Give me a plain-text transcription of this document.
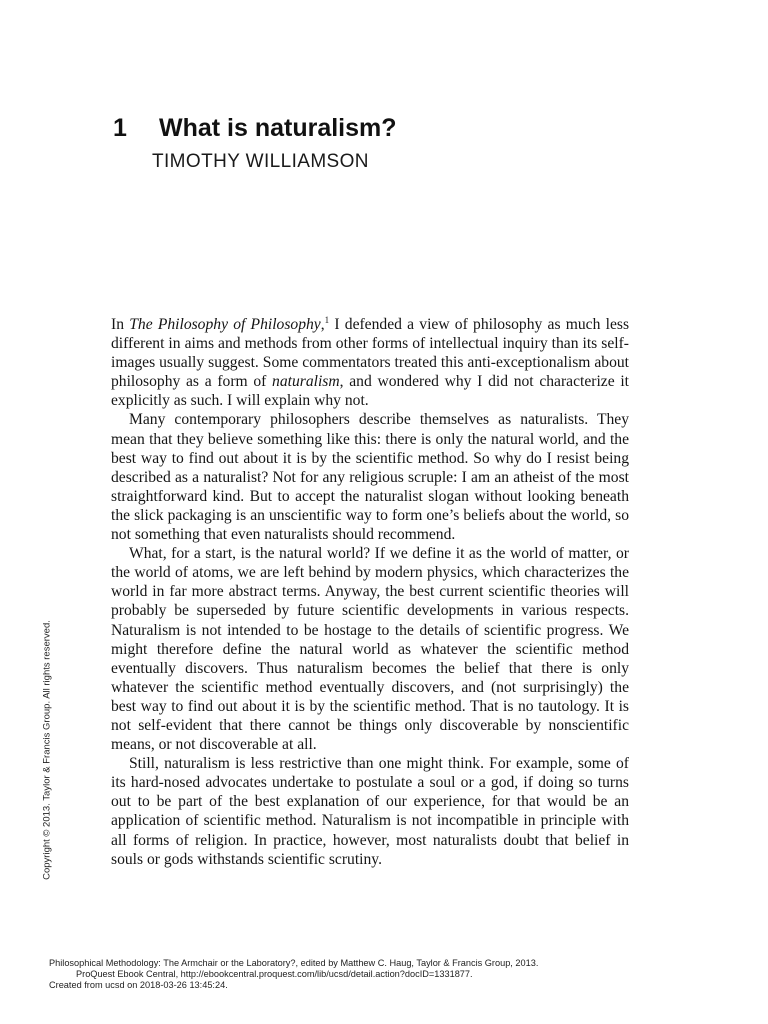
1	What is naturalism?
TIMOTHY WILLIAMSON

In The Philosophy of Philosophy,$^1$ I defended a view of philosophy as much less different in aims and methods from other forms of intellectual inquiry than its self-images usually suggest. Some commentators treated this anti-exceptionalism about philosophy as a form of naturalism, and wondered why I did not characterize it explicitly as such. I will explain why not.

Many contemporary philosophers describe themselves as naturalists. They mean that they believe something like this: there is only the natural world, and the best way to find out about it is by the scientific method. So why do I resist being described as a naturalist? Not for any religious scruple: I am an atheist of the most straightforward kind. But to accept the naturalist slogan without looking beneath the slick packaging is an unscientific way to form one’s beliefs about the world, so not something that even naturalists should recommend.

What, for a start, is the natural world? If we define it as the world of matter, or the world of atoms, we are left behind by modern physics, which characterizes the world in far more abstract terms. Anyway, the best current scientific theories will probably be superseded by future scientific developments in various respects. Naturalism is not intended to be hostage to the details of scientific progress. We might therefore define the natural world as whatever the scientific method eventually discovers. Thus naturalism becomes the belief that there is only whatever the scientific method eventually discovers, and (not surprisingly) the best way to find out about it is by the scientific method. That is no tautology. It is not self-evident that there cannot be things only discoverable by nonscientific means, or not discoverable at all.

Still, naturalism is less restrictive than one might think. For example, some of its hard-nosed advocates undertake to postulate a soul or a god, if doing so turns out to be part of the best explanation of our experience, for that would be an application of scientific method. Naturalism is not incompatible in principle with all forms of religion. In practice, however, most naturalists doubt that belief in souls or gods withstands scientific scrutiny.

Copyright © 2013. Taylor & Francis Group. All rights reserved.
Philosophical Methodology: The Armchair or the Laboratory?, edited by Matthew C. Haug, Taylor & Francis Group, 2013.
ProQuest Ebook Central, http://ebookcentral.proquest.com/lib/ucsd/detail.action?docID=1331877.
Created from ucsd on 2018-03-26 13:45:24.
